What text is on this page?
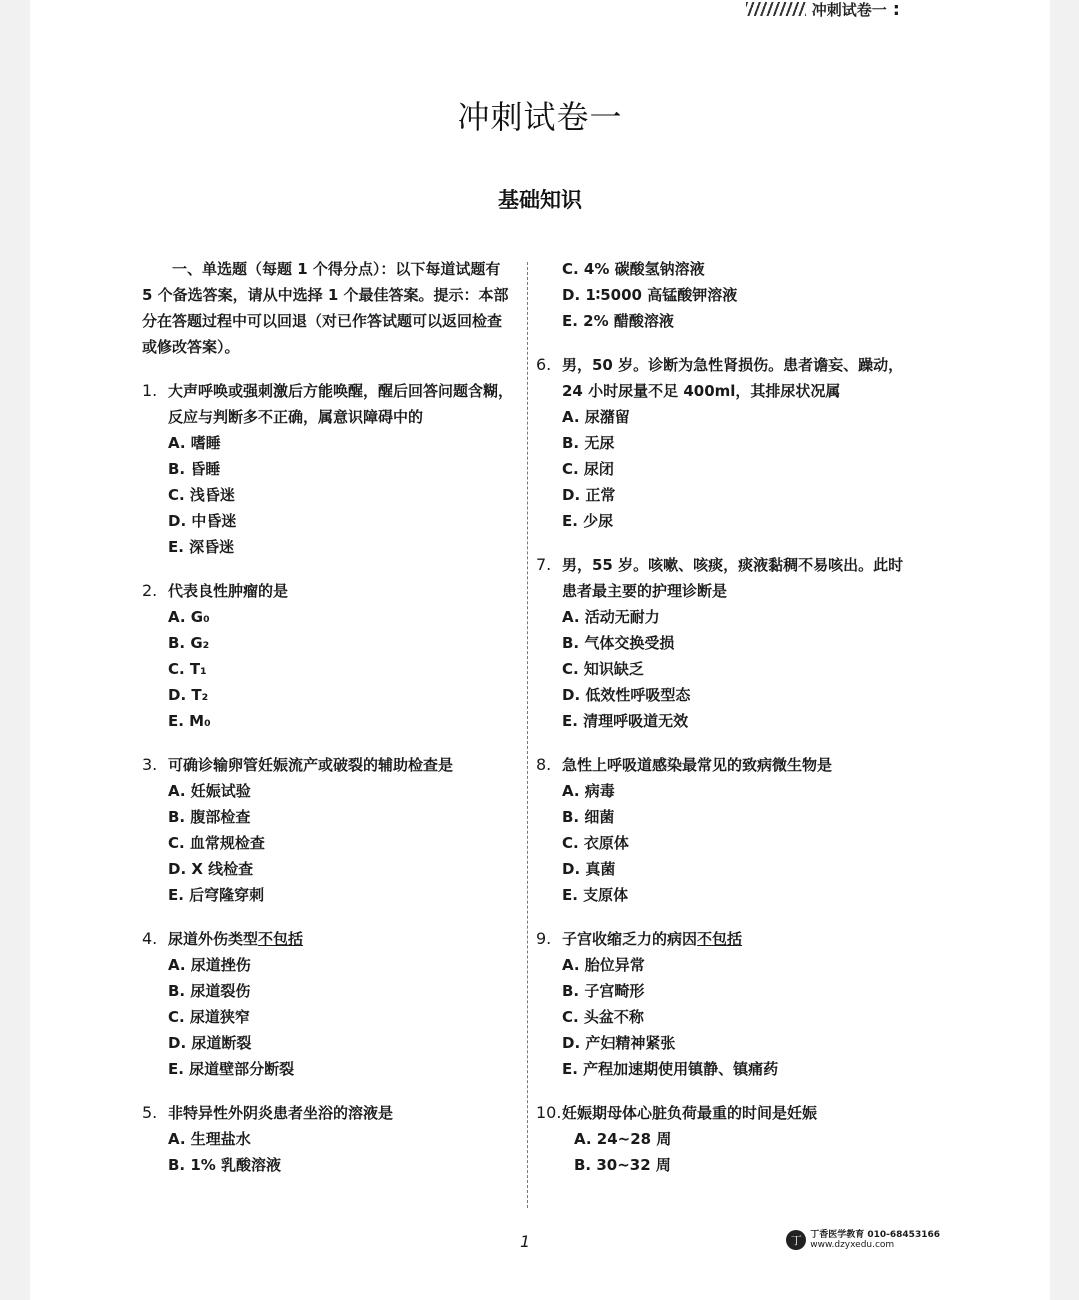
冲刺试卷一 :
冲刺试卷一
基础知识
一、单选题（每题 1 个得分点）：以下每道试题有 5 个备选答案，请从中选择 1 个最佳答案。提示：本部分在答题过程中可以回退（对已作答试题可以返回检查或修改答案）。
1. 大声呼唤或强刺激后方能唤醒，醒后回答问题含糊，反应与判断多不正确，属意识障碍中的
A. 嗜睡
B. 昏睡
C. 浅昏迷
D. 中昏迷
E. 深昏迷
2. 代表良性肿瘤的是
A. G₀
B. G₂
C. T₁
D. T₂
E. M₀
3. 可确诊输卵管妊娠流产或破裂的辅助检查是
A. 妊娠试验
B. 腹部检查
C. 血常规检查
D. X 线检查
E. 后穹隆穿刺
4. 尿道外伤类型不包括
A. 尿道挫伤
B. 尿道裂伤
C. 尿道狭窄
D. 尿道断裂
E. 尿道壁部分断裂
5. 非特异性外阴炎患者坐浴的溶液是
A. 生理盐水
B. 1% 乳酸溶液
C. 4% 碳酸氢钠溶液
D. 1∶5000 高锰酸钾溶液
E. 2% 醋酸溶液
6. 男，50 岁。诊断为急性肾损伤。患者谵妄、躁动，24 小时尿量不足 400ml，其排尿状况属
A. 尿潴留
B. 无尿
C. 尿闭
D. 正常
E. 少尿
7. 男，55 岁。咳嗽、咳痰，痰液黏稠不易咳出。此时患者最主要的护理诊断是
A. 活动无耐力
B. 气体交换受损
C. 知识缺乏
D. 低效性呼吸型态
E. 清理呼吸道无效
8. 急性上呼吸道感染最常见的致病微生物是
A. 病毒
B. 细菌
C. 衣原体
D. 真菌
E. 支原体
9. 子宫收缩乏力的病因不包括
A. 胎位异常
B. 子宫畸形
C. 头盆不称
D. 产妇精神紧张
E. 产程加速期使用镇静、镇痛药
10. 妊娠期母体心脏负荷最重的时间是妊娠
A. 24~28 周
B. 30~32 周
1	丁 丁香医学教育 010-68453166
www.dzyxedu.com
